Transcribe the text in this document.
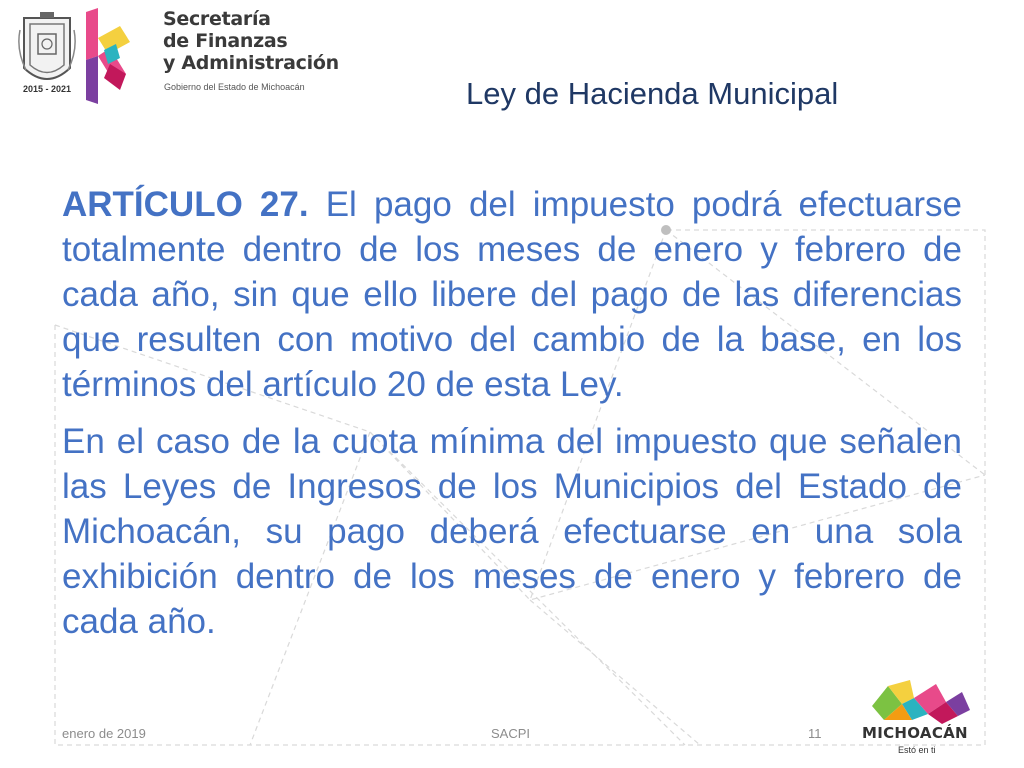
2015 - 2021
Secretaría
de Finanzas
y Administración
Gobierno del Estado de Michoacán	Ley de Hacienda Municipal

ARTÍCULO 27. El pago del impuesto podrá efectuarse totalmente dentro de los meses de enero y febrero de cada año, sin que ello libere del pago de las diferencias que resulten con motivo del cambio de la base, en los términos del artículo 20 de esta Ley.

En el caso de la cuota mínima del impuesto que señalen las Leyes de Ingresos de los Municipios del Estado de Michoacán, su pago deberá efectuarse en una sola exhibición dentro de los meses de enero y febrero de cada año.

enero de 2019	SACPI	11	MICHOACÁN
Estó en ti
